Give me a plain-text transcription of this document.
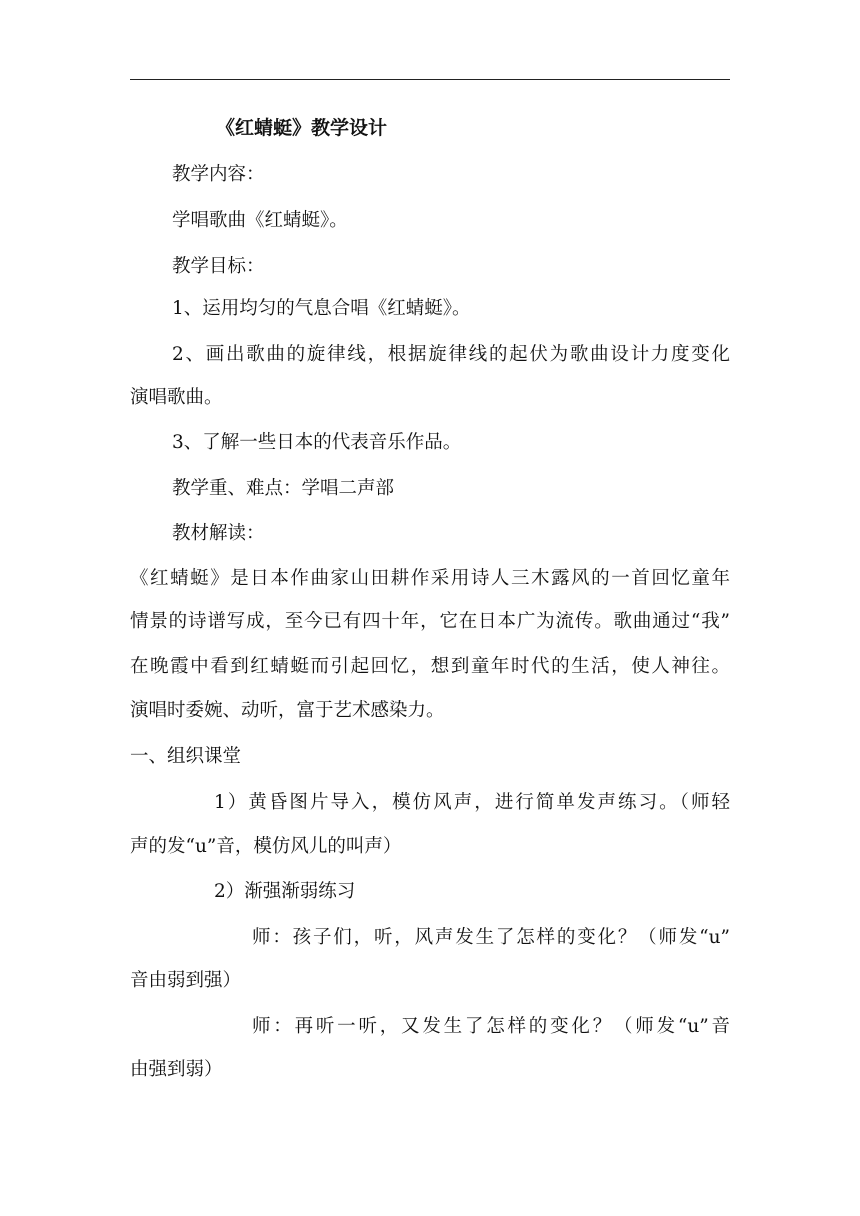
《红蜻蜓》教学设计
教学内容：
学唱歌曲《红蜻蜓》。
教学目标：
1、运用均匀的气息合唱《红蜻蜓》。
2、画出歌曲的旋律线，根据旋律线的起伏为歌曲设计力度变化
演唱歌曲。
3、了解一些日本的代表音乐作品。
教学重、难点：学唱二声部
教材解读：
《红蜻蜓》是日本作曲家山田耕作采用诗人三木露风的一首回忆童年
情景的诗谱写成，至今已有四十年，它在日本广为流传。歌曲通过“我”
在晚霞中看到红蜻蜓而引起回忆，想到童年时代的生活，使人神往。
演唱时委婉、动听，富于艺术感染力。
一、组织课堂
1）黄昏图片导入，模仿风声，进行简单发声练习。（师轻
声的发“u”音，模仿风儿的叫声）
2）渐强渐弱练习
师：孩子们，听，风声发生了怎样的变化？（师发“u”
音由弱到强）
师：再听一听，又发生了怎样的变化？（师发“u”音
由强到弱）
